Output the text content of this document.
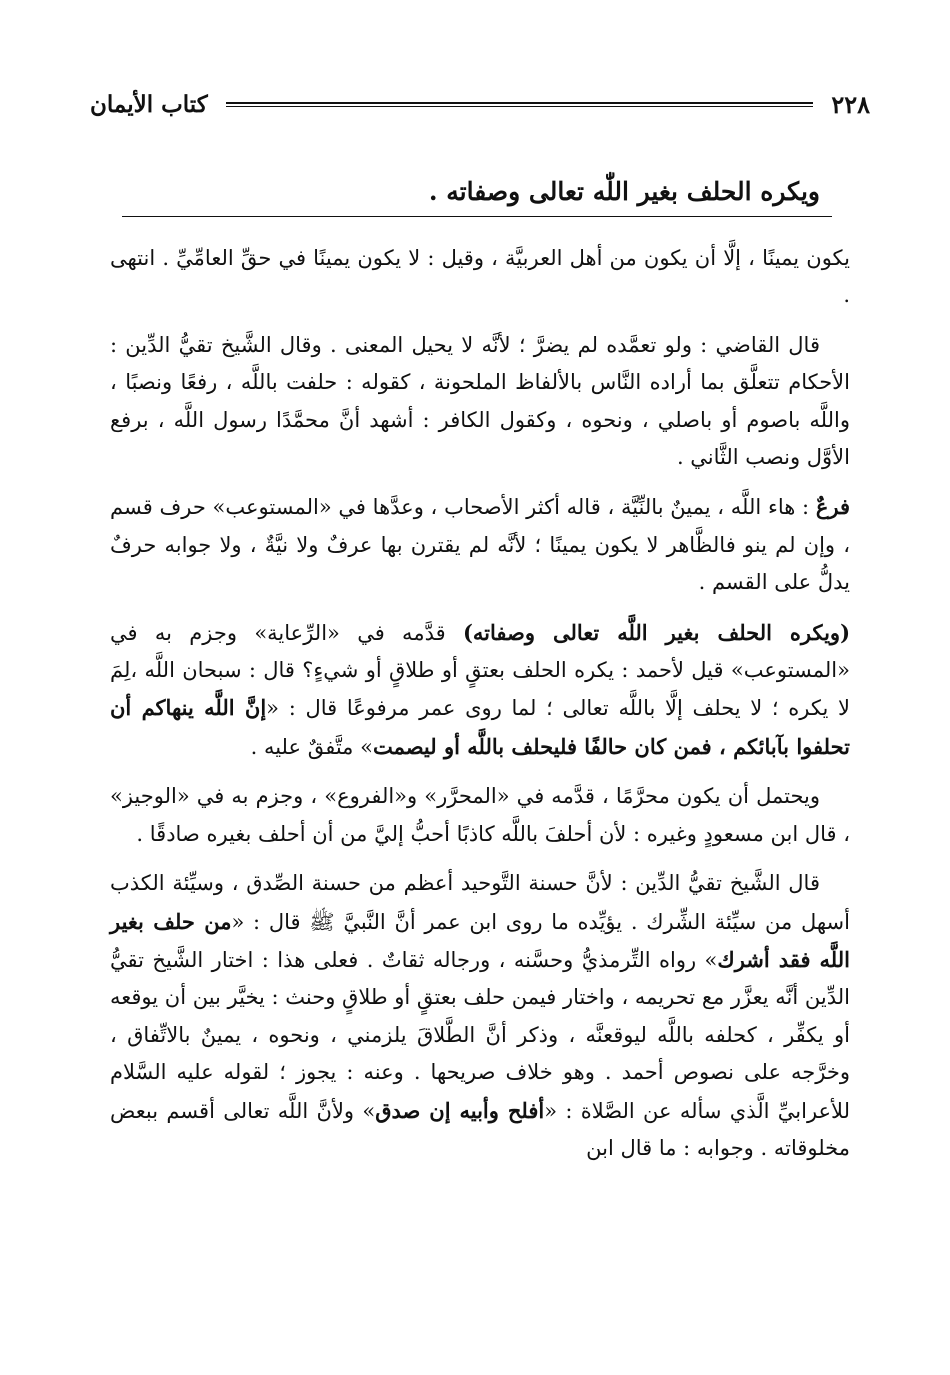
٢٢٨
كتاب الأيمان
ويكره الحلف بغير اللّٰه تعالى وصفاته .

يكون يمينًا ، إلَّا أن يكون من أهل العربيَّة ، وقيل : لا يكون يمينًا في حقِّ العامِّيِّ . انتهى .

قال القاضي : ولو تعمَّده لم يضرَّ ؛ لأنَّه لا يحيل المعنى . وقال الشَّيخ تقيُّ الدِّين : الأحكام تتعلَّق بما أراده النَّاس بالألفاظ الملحونة ، كقوله : حلفت باللَّه ، رفعًا ونصبًا ، واللَّه باصوم أو باصلي ، ونحوه ، وكقول الكافر : أشهد أنَّ محمَّدًا رسول اللَّه ، برفع الأوَّل ونصب الثَّاني .

فرعٌ : هاء اللَّه ، يمينٌ بالنِّيَّة ، قاله أكثر الأصحاب ، وعدَّها في «المستوعب» حرف قسم ، وإن لم ينو فالظَّاهر لا يكون يمينًا ؛ لأنَّه لم يقترن بها عرفٌ ولا نيَّةٌ ، ولا جوابه حرفٌ يدلُّ على القسم .

(ويكره الحلف بغير اللَّه تعالى وصفاته) قدَّمه في «الرِّعاية» وجزم به في «المستوعب» قيل لأحمد : يكره الحلف بعتقٍ أو طلاقٍ أو شيءٍ؟ قال : سبحان اللَّه ،لِمَ لا يكره ؛ لا يحلف إلَّا باللَّه تعالى ؛ لما روى عمر مرفوعًا قال : «إنَّ اللَّه ينهاكم أن تحلفوا بآبائكم ، فمن كان حالفًا فليحلف باللَّه أو ليصمت» متَّفقٌ عليه .

ويحتمل أن يكون محرَّمًا ، قدَّمه في «المحرَّر» و«الفروع» ، وجزم به في «الوجيز» ، قال ابن مسعودٍ وغيره : لأن أحلفَ باللَّه كاذبًا أحبُّ إليَّ من أن أحلف بغيره صادقًا .

قال الشَّيخ تقيُّ الدِّين : لأنَّ حسنة التَّوحيد أعظم من حسنة الصِّدق ، وسيِّئة الكذب أسهل من سيِّئة الشِّرك . يؤيِّده ما روى ابن عمر أنَّ النَّبيَّ ﷺ قال : «من حلف بغير اللَّه فقد أشرك» رواه التِّرمذيُّ وحسَّنه ، ورجاله ثقاتٌ . فعلى هذا : اختار الشَّيخ تقيُّ الدِّين أنَّه يعزَّر مع تحريمه ، واختار فيمن حلف بعتقٍ أو طلاقٍ وحنث : يخيَّر بين أن يوقعه أو يكفِّر ، كحلفه باللَّه ليوقعنَّه ، وذكر أنَّ الطَّلاقَ يلزمني ، ونحوه ، يمينٌ بالاتِّفاق ، وخرَّجه على نصوص أحمد . وهو خلاف صريحها . وعنه : يجوز ؛ لقوله عليه السَّلام للأعرابيِّ الَّذي سأله عن الصَّلاة : «أفلح وأبيه إن صدق» ولأنَّ اللَّه تعالى أقسم ببعض مخلوقاته . وجوابه : ما قال ابن
